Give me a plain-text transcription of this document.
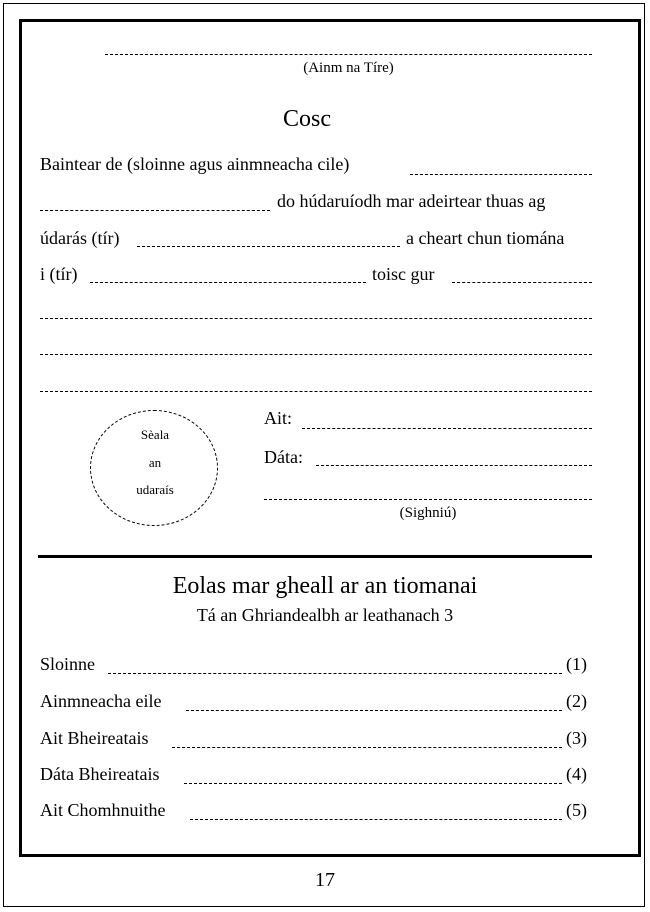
(Ainm na Tíre)
Cosc
Baintear de (sloinne agus ainmneacha cile)
do húdaruíodh mar adeirtear thuas ag
údarás (tír)	a cheart chun tiomána
i (tír)	toisc gur
Sèala
an
udaraís
Ait:
Dáta:
(Sighniú)
Eolas mar gheall ar an tiomanai
Tá an Ghriandealbh ar leathanach 3
Sloinne	(1)
Ainmneacha eile	(2)
Ait Bheireatais	(3)
Dáta Bheireatais	(4)
Ait Chomhnuithe	(5)
17
